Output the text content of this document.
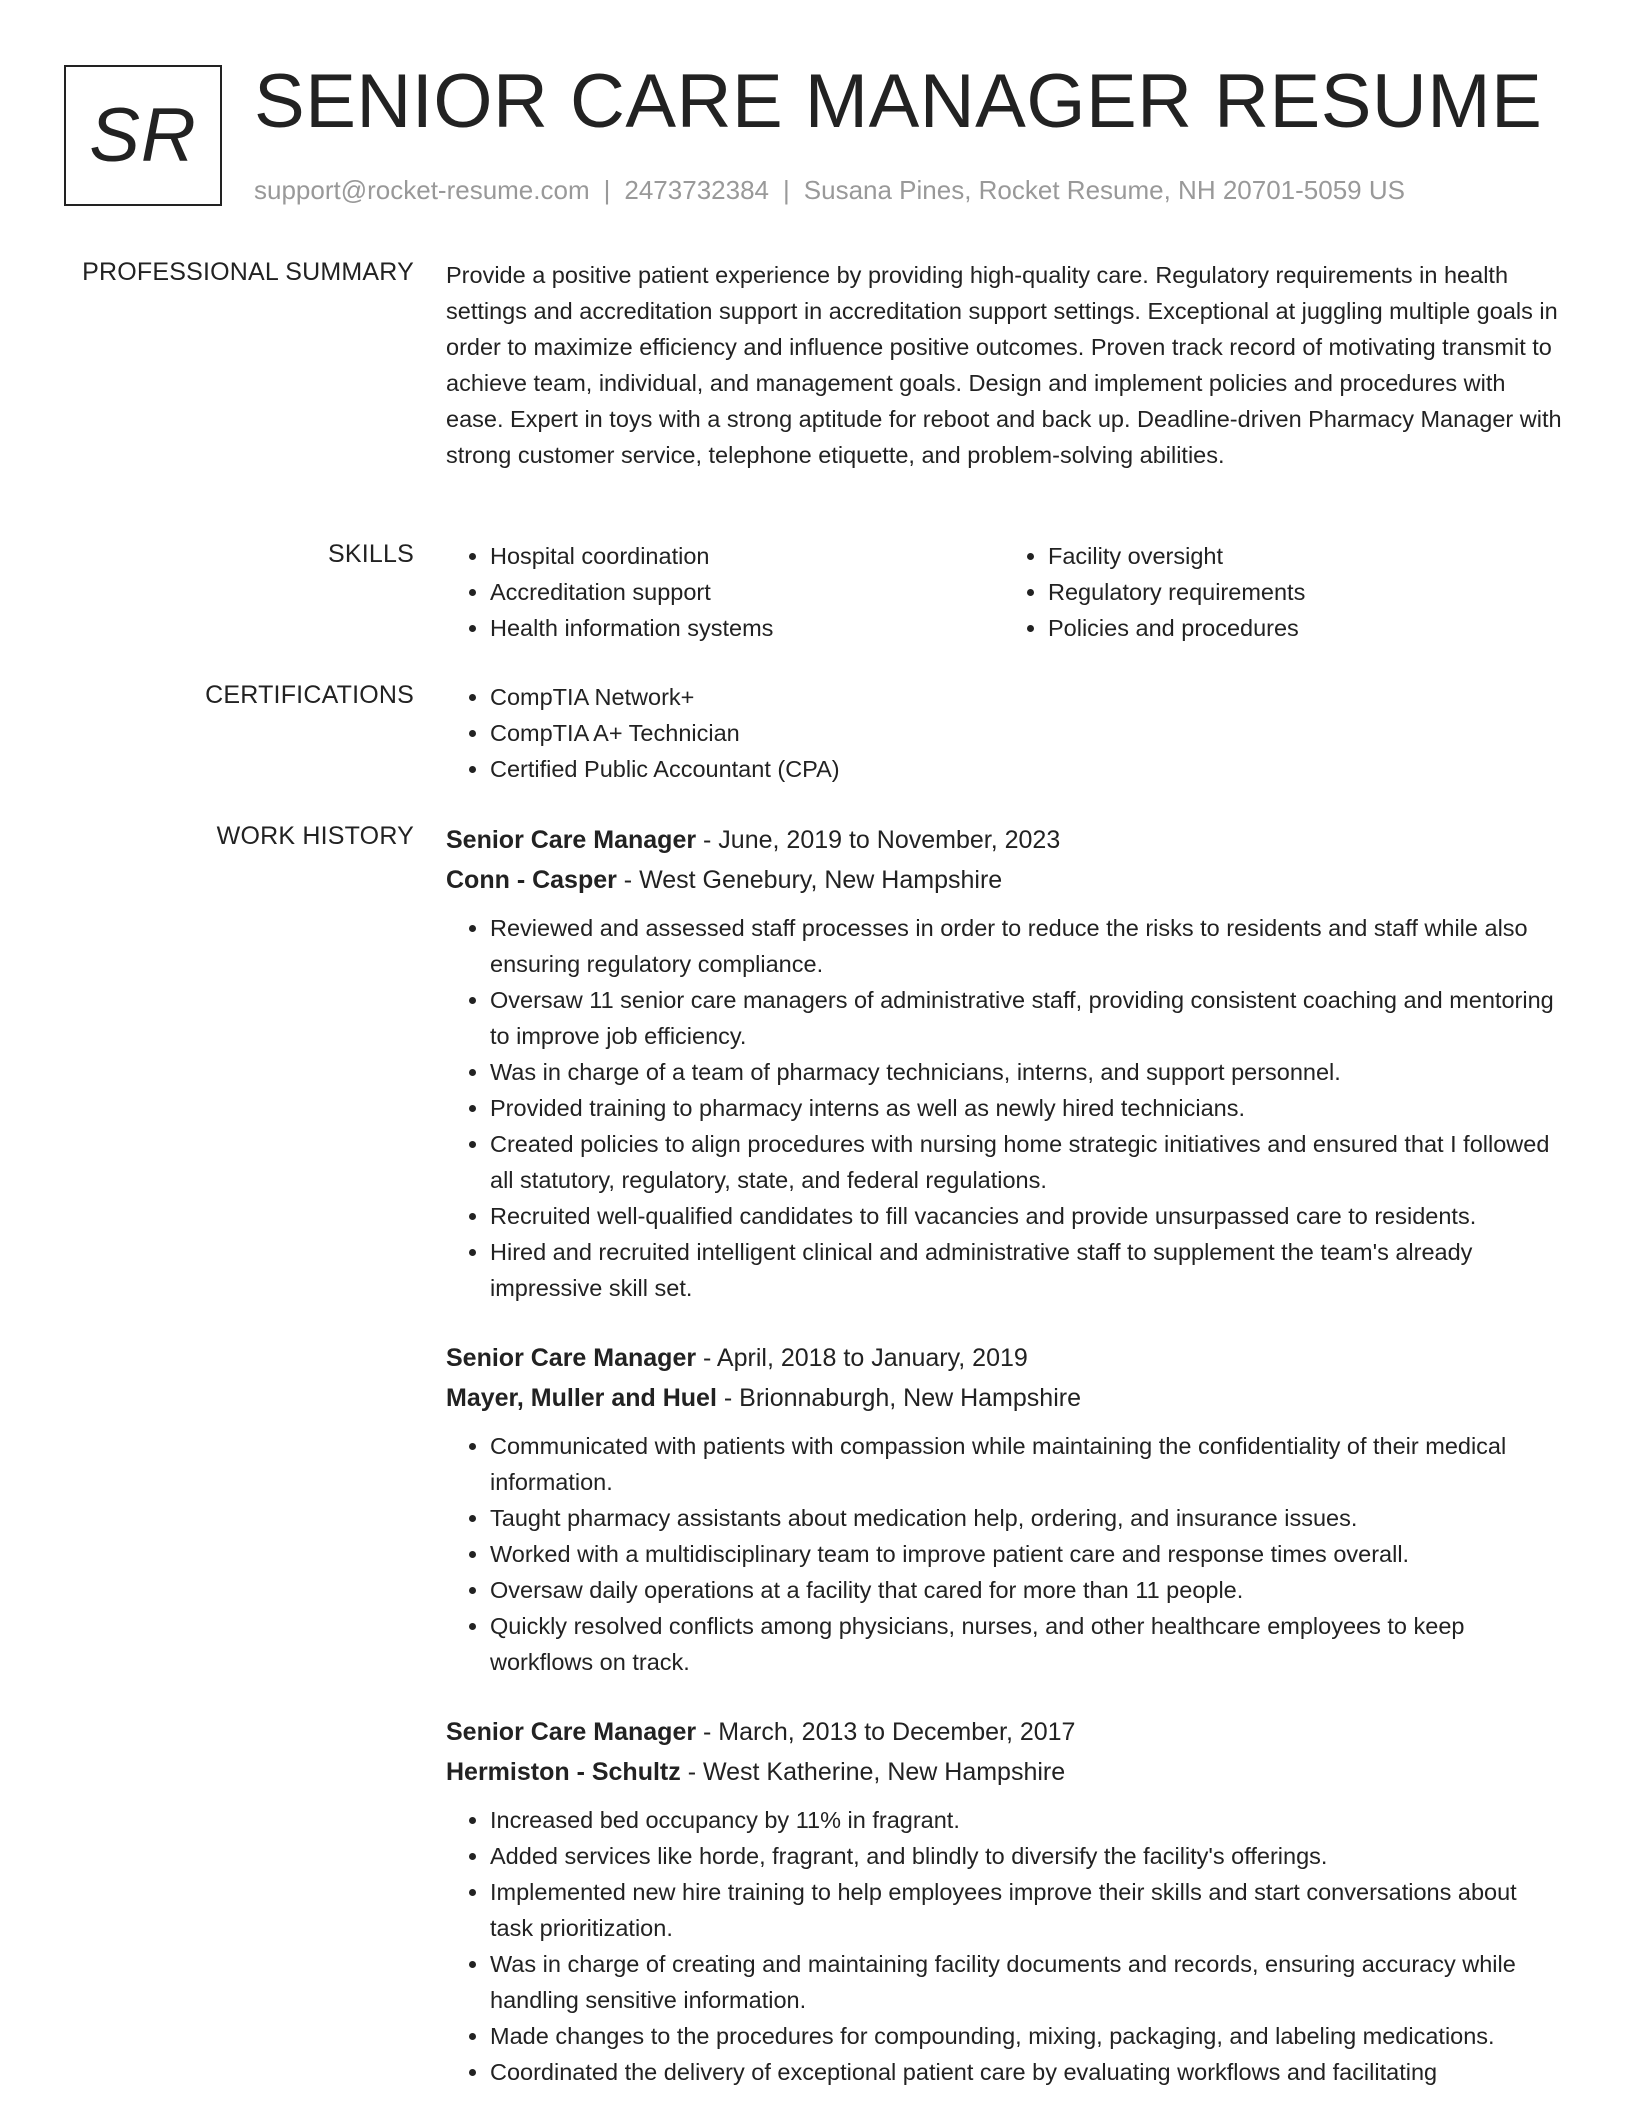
SR SENIOR CARE MANAGER RESUME
support@rocket-resume.com | 2473732384 | Susana Pines, Rocket Resume, NH 20701-5059 US
PROFESSIONAL SUMMARY Provide a positive patient experience by providing high-quality care. Regulatory requirements in health settings and accreditation support in accreditation support settings. Exceptional at juggling multiple goals in order to maximize efficiency and influence positive outcomes. Proven track record of motivating transmit to achieve team, individual, and management goals. Design and implement policies and procedures with ease. Expert in toys with a strong aptitude for reboot and back up. Deadline-driven Pharmacy Manager with strong customer service, telephone etiquette, and problem-solving abilities.

SKILLS	• Hospital coordination
• Accreditation support
• Health information systems
• Facility oversight
• Regulatory requirements
• Policies and procedures
CERTIFICATIONS	• CompTIA Network+
• CompTIA A+ Technician
• Certified Public Accountant (CPA)
WORK HISTORY Senior Care Manager - June, 2019 to November, 2023
Conn - Casper - West Genebury, New Hampshire
• Reviewed and assessed staff processes in order to reduce the risks to residents and staff while also ensuring regulatory compliance.
• Oversaw 11 senior care managers of administrative staff, providing consistent coaching and mentoring to improve job efficiency.
• Was in charge of a team of pharmacy technicians, interns, and support personnel.
• Provided training to pharmacy interns as well as newly hired technicians.
• Created policies to align procedures with nursing home strategic initiatives and ensured that I followed all statutory, regulatory, state, and federal regulations.
• Recruited well-qualified candidates to fill vacancies and provide unsurpassed care to residents.
• Hired and recruited intelligent clinical and administrative staff to supplement the team's already impressive skill set.
Senior Care Manager - April, 2018 to January, 2019
Mayer, Muller and Huel - Brionnaburgh, New Hampshire
• Communicated with patients with compassion while maintaining the confidentiality of their medical information.
• Taught pharmacy assistants about medication help, ordering, and insurance issues.
• Worked with a multidisciplinary team to improve patient care and response times overall.
• Oversaw daily operations at a facility that cared for more than 11 people.
• Quickly resolved conflicts among physicians, nurses, and other healthcare employees to keep workflows on track.
Senior Care Manager - March, 2013 to December, 2017
Hermiston - Schultz - West Katherine, New Hampshire
• Increased bed occupancy by 11% in fragrant.
• Added services like horde, fragrant, and blindly to diversify the facility's offerings.
• Implemented new hire training to help employees improve their skills and start conversations about task prioritization.
• Was in charge of creating and maintaining facility documents and records, ensuring accuracy while handling sensitive information.
• Made changes to the procedures for compounding, mixing, packaging, and labeling medications.
• Coordinated the delivery of exceptional patient care by evaluating workflows and facilitating
